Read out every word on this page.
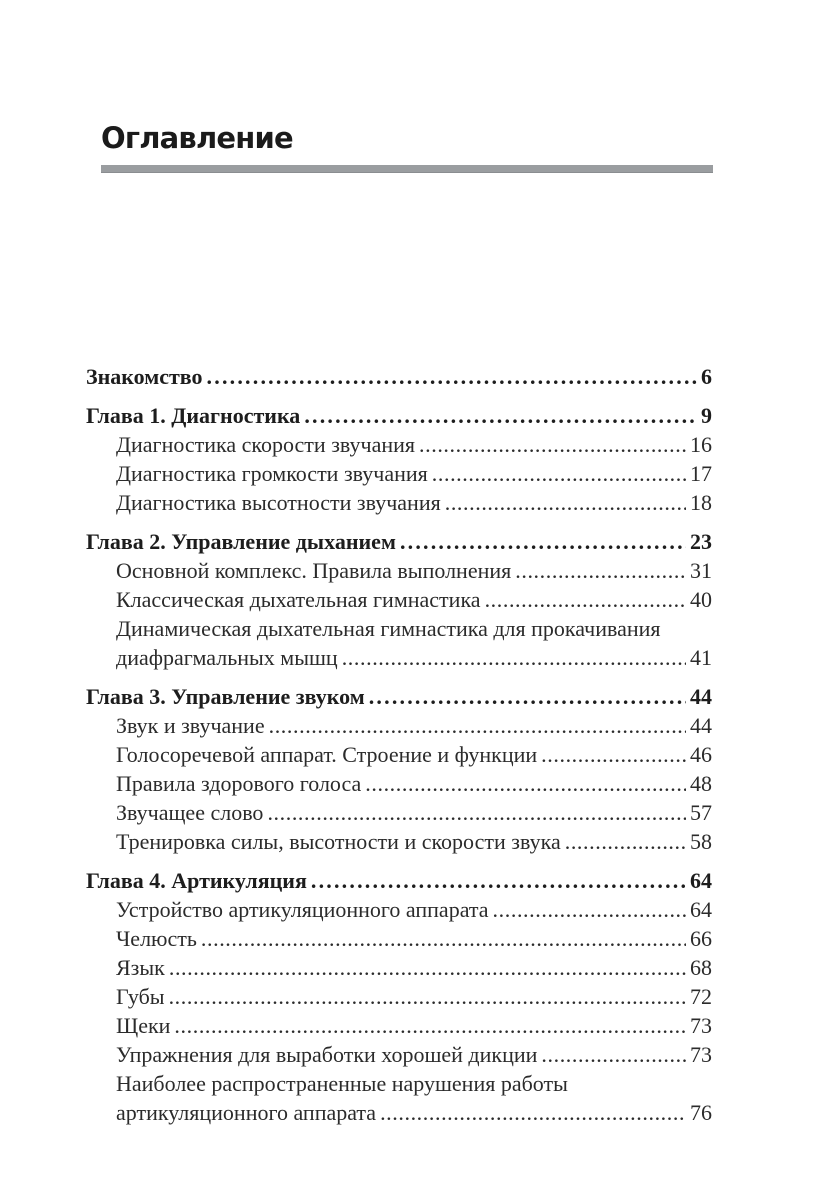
Оглавление
Знакомство .....	6
Глава 1. Диагностика .....	9
Диагностика скорости звучания .....	16
Диагностика громкости звучания .....	17
Диагностика высотности звучания .....	18
Глава 2. Управление дыханием .....	23
Основной комплекс. Правила выполнения .....	31
Классическая дыхательная гимнастика .....	40
Динамическая дыхательная гимнастика для прокачивания
диафрагмальных мышц .....	41
Глава 3. Управление звуком .....	44
Звук и звучание .....	44
Голосоречевой аппарат. Строение и функции .....	46
Правила здорового голоса .....	48
Звучащее слово .....	57
Тренировка силы, высотности и скорости звука .....	58
Глава 4. Артикуляция .....	64
Устройство артикуляционного аппарата .....	64
Челюсть .....	66
Язык .....	68
Губы .....	72
Щеки .....	73
Упражнения для выработки хорошей дикции .....	73
Наиболее распространенные нарушения работы
артикуляционного аппарата .....	76
